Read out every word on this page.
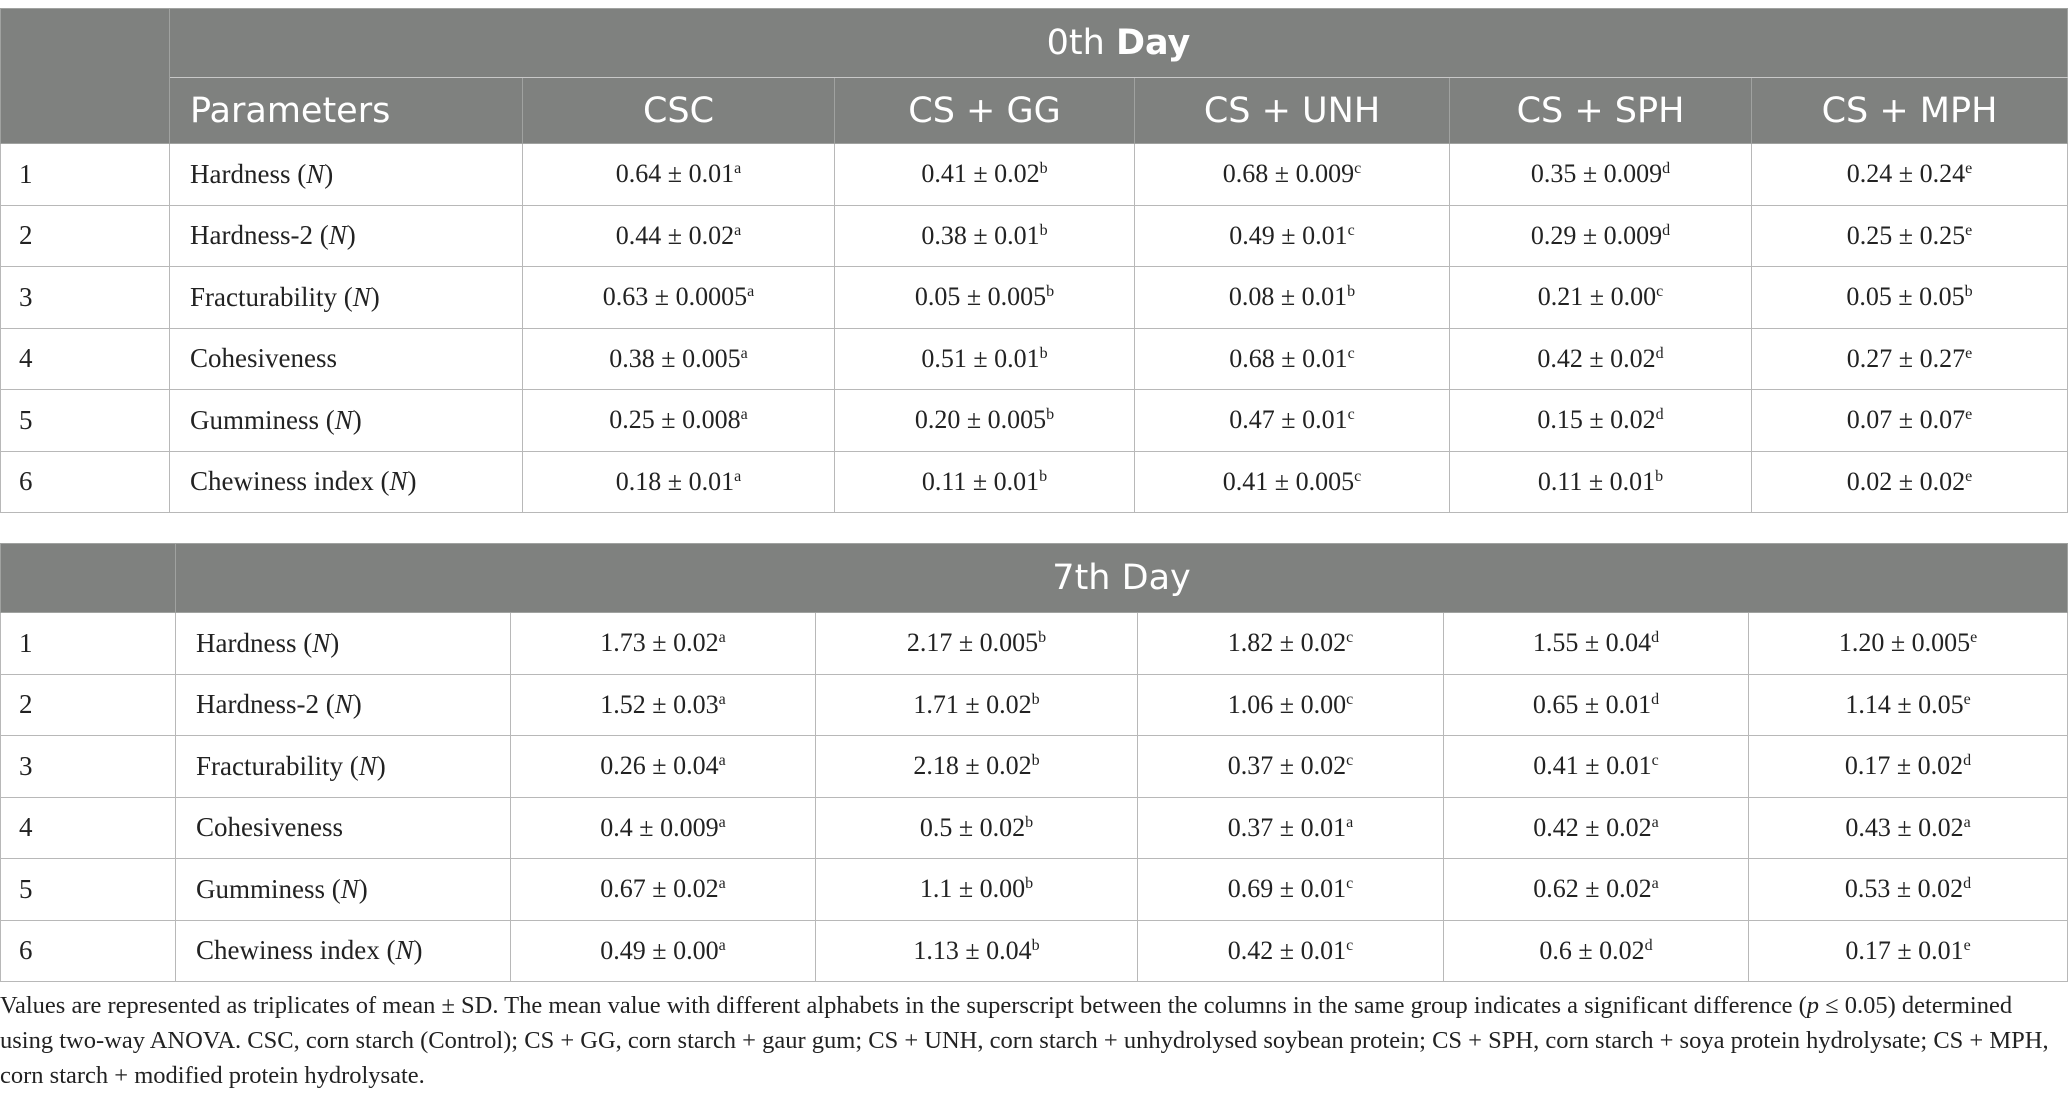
	0th Day					
	Parameters	CSC	CS + GG	CS + UNH	CS + SPH	CS + MPH
1	Hardness (N)	0.64 ± 0.01$^a$	0.41 ± 0.02$^b$	0.68 ± 0.009$^c$	0.35 ± 0.009$^d$	0.24 ± 0.24$^e$
2	Hardness-2 (N)	0.44 ± 0.02$^a$	0.38 ± 0.01$^b$	0.49 ± 0.01$^c$	0.29 ± 0.009$^d$	0.25 ± 0.25$^e$
3	Fracturability (N)	0.63 ± 0.0005$^a$	0.05 ± 0.005$^b$	0.08 ± 0.01$^b$	0.21 ± 0.00$^c$	0.05 ± 0.05$^b$
4	Cohesiveness	0.38 ± 0.005$^a$	0.51 ± 0.01$^b$	0.68 ± 0.01$^c$	0.42 ± 0.02$^d$	0.27 ± 0.27$^e$
5	Gumminess (N)	0.25 ± 0.008$^a$	0.20 ± 0.005$^b$	0.47 ± 0.01$^c$	0.15 ± 0.02$^d$	0.07 ± 0.07$^e$
6	Chewiness index (N)	0.18 ± 0.01$^a$	0.11 ± 0.01$^b$	0.41 ± 0.005$^c$	0.11 ± 0.01$^b$	0.02 ± 0.02$^e$
	7th Day					
1	Hardness (N)	1.73 ± 0.02$^a$	2.17 ± 0.005$^b$	1.82 ± 0.02$^c$	1.55 ± 0.04$^d$	1.20 ± 0.005$^e$
2	Hardness-2 (N)	1.52 ± 0.03$^a$	1.71 ± 0.02$^b$	1.06 ± 0.00$^c$	0.65 ± 0.01$^d$	1.14 ± 0.05$^e$
3	Fracturability (N)	0.26 ± 0.04$^a$	2.18 ± 0.02$^b$	0.37 ± 0.02$^c$	0.41 ± 0.01$^c$	0.17 ± 0.02$^d$
4	Cohesiveness	0.4 ± 0.009$^a$	0.5 ± 0.02$^b$	0.37 ± 0.01$^a$	0.42 ± 0.02$^a$	0.43 ± 0.02$^a$
5	Gumminess (N)	0.67 ± 0.02$^a$	1.1 ± 0.00$^b$	0.69 ± 0.01$^c$	0.62 ± 0.02$^a$	0.53 ± 0.02$^d$
6	Chewiness index (N)	0.49 ± 0.00$^a$	1.13 ± 0.04$^b$	0.42 ± 0.01$^c$	0.6 ± 0.02$^d$	0.17 ± 0.01$^e$
Values are represented as triplicates of mean ± SD. The mean value with different alphabets in the superscript between the columns in the same group indicates a significant difference (p ≤ 0.05) determined using two-way ANOVA. CSC, corn starch (Control); CS + GG, corn starch + gaur gum; CS + UNH, corn starch + unhydrolysed soybean protein; CS + SPH, corn starch + soya protein hydrolysate; CS + MPH, corn starch + modified protein hydrolysate.
